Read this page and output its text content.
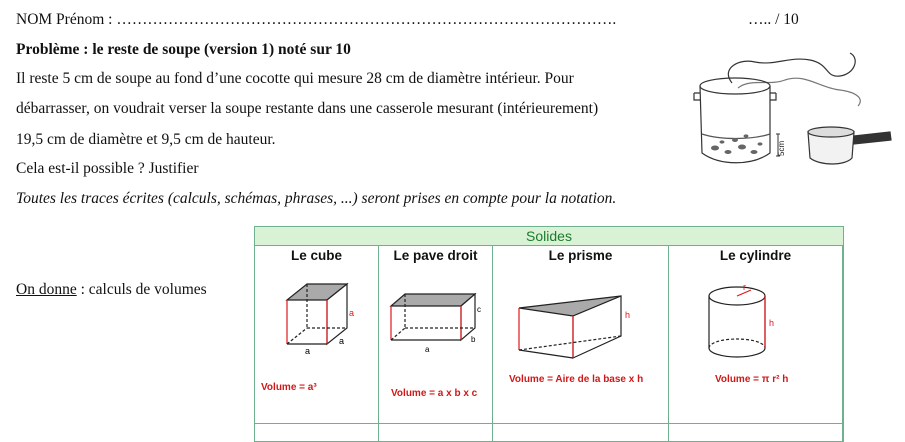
NOM Prénom : …………………………………………………………………………………….	….. / 10
Problème : le reste de soupe (version 1) noté sur 10
Il reste 5 cm de soupe au fond d’une cocotte qui mesure 28 cm de diamètre intérieur. Pour
débarrasser, on voudrait verser la soupe restante dans une casserole mesurant (intérieurement)
19,5 cm de diamètre et 9,5 cm de hauteur.
Cela est-il possible ? Justifier
Toutes les traces écrites (calculs, schémas, phrases, ...) seront prises en compte pour la notation.
5cm
On donne : calculs de volumes
Solides
Le cube
a
a
a
Volume = a³
Le pave droit
a
b
c
Volume = a x b x c
Le prisme
h
Volume = Aire de la base x h
Le cylindre
r
h
Volume = π r² h
